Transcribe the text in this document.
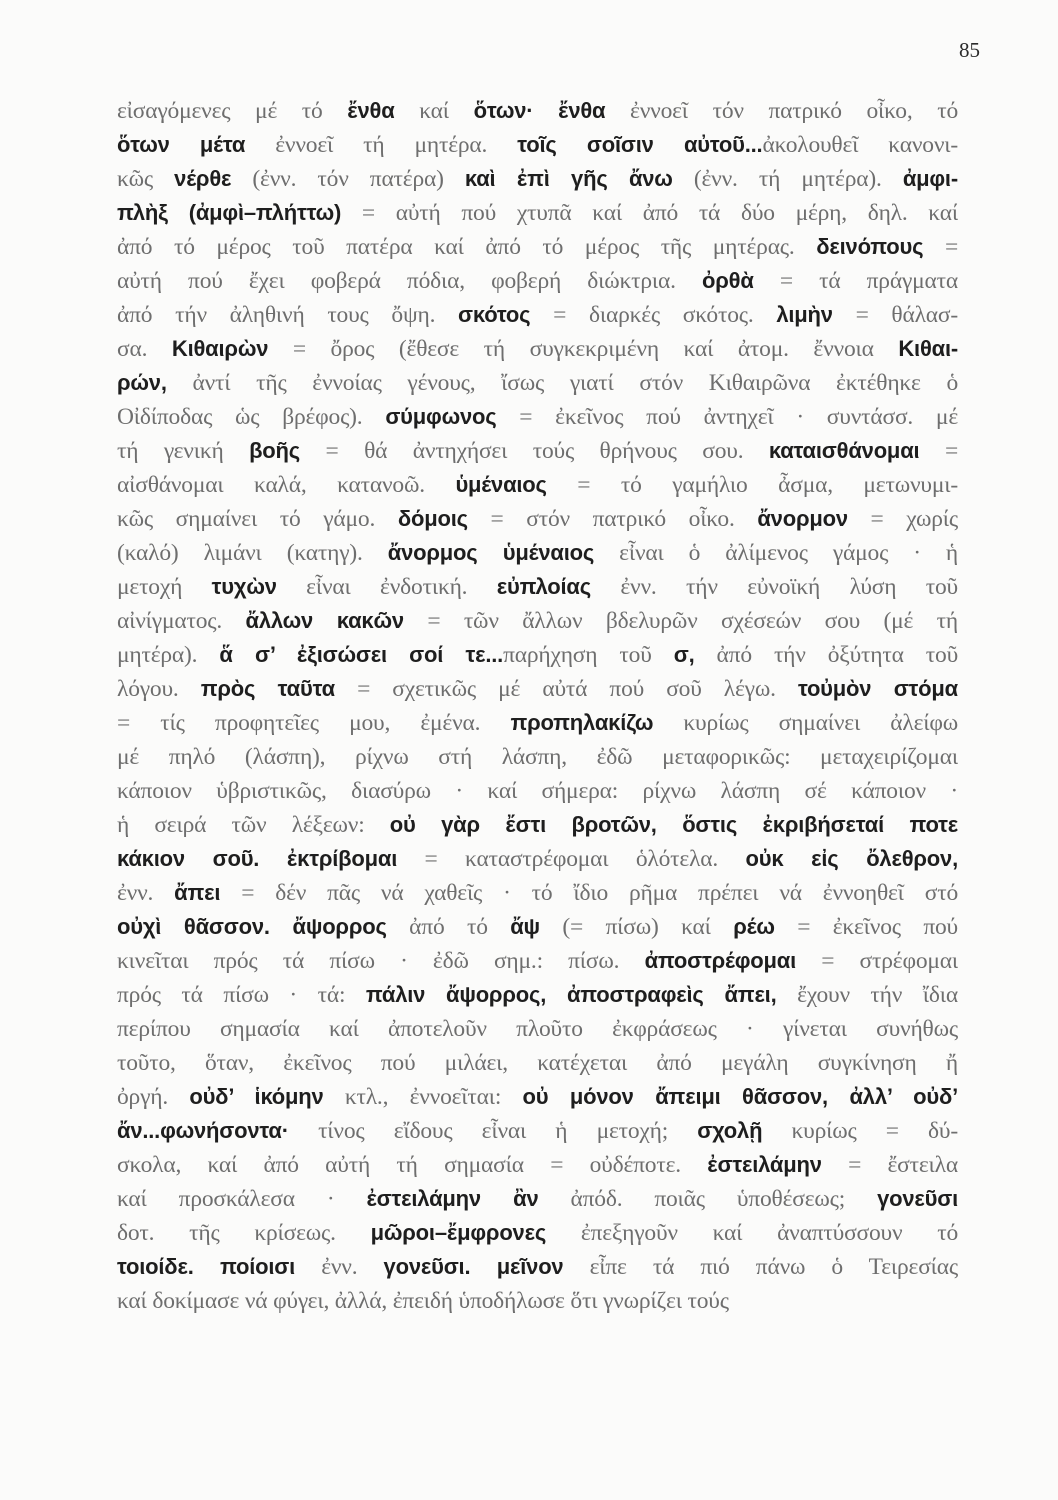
85
εἰσαγόμενες μέ τό ἔνθα καί ὅτων· ἔνθα ἐννοεῖ τόν πατρικό οἶκο, τό
ὅτων μέτα ἐννοεῖ τή μητέρα. τοῖς σοῖσιν αὐτοῦ...ἀκολουθεῖ κανονι-
κῶς νέρθε (ἐνν. τόν πατέρα) καὶ ἐπὶ γῆς ἄνω (ἐνν. τή μητέρα). ἀμφι-
πλὴξ (ἀμφὶ–πλήττω) = αὐτή πού χτυπᾶ καί ἀπό τά δύο μέρη, δηλ. καί
ἀπό τό μέρος τοῦ πατέρα καί ἀπό τό μέρος τῆς μητέρας. δεινόπους =
αὐτή πού ἔχει φοβερά πόδια, φοβερή διώκτρια. ὀρθὰ = τά πράγματα
ἀπό τήν ἀληθινή τους ὄψη. σκότος = διαρκές σκότος. λιμὴν = θάλασ-
σα. Κιθαιρὼν = ὄρος (ἔθεσε τή συγκεκριμένη καί ἀτομ. ἔννοια Κιθαι-
ρών, ἀντί τῆς ἐννοίας γένους, ἴσως γιατί στόν Κιθαιρῶνα ἐκτέθηκε ὁ
Οἰδίποδας ὡς βρέφος). σύμφωνος = ἐκεῖνος πού ἀντηχεῖ · συντάσσ. μέ
τή γενική βοῆς = θά ἀντηχήσει τούς θρήνους σου. καταισθάνομαι =
αἰσθάνομαι καλά, κατανοῶ. ὑμέναιος = τό γαμήλιο ἆσμα, μετωνυμι-
κῶς σημαίνει τό γάμο. δόμοις = στόν πατρικό οἶκο. ἄνορμον = χωρίς
(καλό) λιμάνι (κατηγ). ἄνορμος ὑμέναιος εἶναι ὁ ἀλίμενος γάμος · ἡ
μετοχή τυχὼν εἶναι ἐνδοτική. εὐπλοίας ἐνν. τήν εὐνοϊκή λύση τοῦ
αἰνίγματος. ἄλλων κακῶν = τῶν ἄλλων βδελυρῶν σχέσεών σου (μέ τή
μητέρα). ἅ σ’ ἐξισώσει σοί τε...παρήχηση τοῦ σ, ἀπό τήν ὀξύτητα τοῦ
λόγου. πρὸς ταῦτα = σχετικῶς μέ αὐτά πού σοῦ λέγω. τοὐμὸν στόμα
= τίς προφητεῖες μου, ἐμένα. προπηλακίζω κυρίως σημαίνει ἀλείφω
μέ πηλό (λάσπη), ρίχνω στή λάσπη, ἐδῶ μεταφορικῶς: μεταχειρίζομαι
κάποιον ὑβριστικῶς, διασύρω · καί σήμερα: ρίχνω λάσπη σέ κάποιον ·
ἡ σειρά τῶν λέξεων: οὐ γὰρ ἔστι βροτῶν, ὅστις ἐκριβήσεταί ποτε
κάκιον σοῦ. ἐκτρίβομαι = καταστρέφομαι ὁλότελα. οὐκ εἰς ὄλεθρον,
ἐνν. ἄπει = δέν πᾶς νά χαθεῖς · τό ἴδιο ρῆμα πρέπει νά ἐννοηθεῖ στό
οὐχὶ θᾶσσον. ἄψορρος ἀπό τό ἄψ (= πίσω) καί ρέω = ἐκεῖνος πού
κινεῖται πρός τά πίσω · ἐδῶ σημ.: πίσω. ἀποστρέφομαι = στρέφομαι
πρός τά πίσω · τά: πάλιν ἄψορρος, ἀποστραφεὶς ἄπει, ἔχουν τήν ἴδια
περίπου σημασία καί ἀποτελοῦν πλοῦτο ἐκφράσεως · γίνεται συνήθως
τοῦτο, ὅταν, ἐκεῖνος πού μιλάει, κατέχεται ἀπό μεγάλη συγκίνηση ἤ
ὀργή. οὐδ’ ἱκόμην κτλ., ἐννοεῖται: οὐ μόνον ἄπειμι θᾶσσον, ἀλλ’ οὐδ’
ἄν...φωνήσοντα· τίνος εἴδους εἶναι ἡ μετοχή; σχολῇ κυρίως = δύ-
σκολα, καί ἀπό αὐτή τή σημασία = οὐδέποτε. ἐστειλάμην = ἔστειλα
καί προσκάλεσα · ἐστειλάμην ἂν ἀπόδ. ποιᾶς ὑποθέσεως; γονεῦσι
δοτ. τῆς κρίσεως. μῶροι–ἔμφρονες ἐπεξηγοῦν καί ἀναπτύσσουν τό
τοιοίδε. ποίοισι ἐνν. γονεῦσι. μεῖνον εἶπε τά πιό πάνω ὁ Τειρεσίας
καί δοκίμασε νά φύγει, ἀλλά, ἐπειδή ὑποδήλωσε ὅτι γνωρίζει τούς
